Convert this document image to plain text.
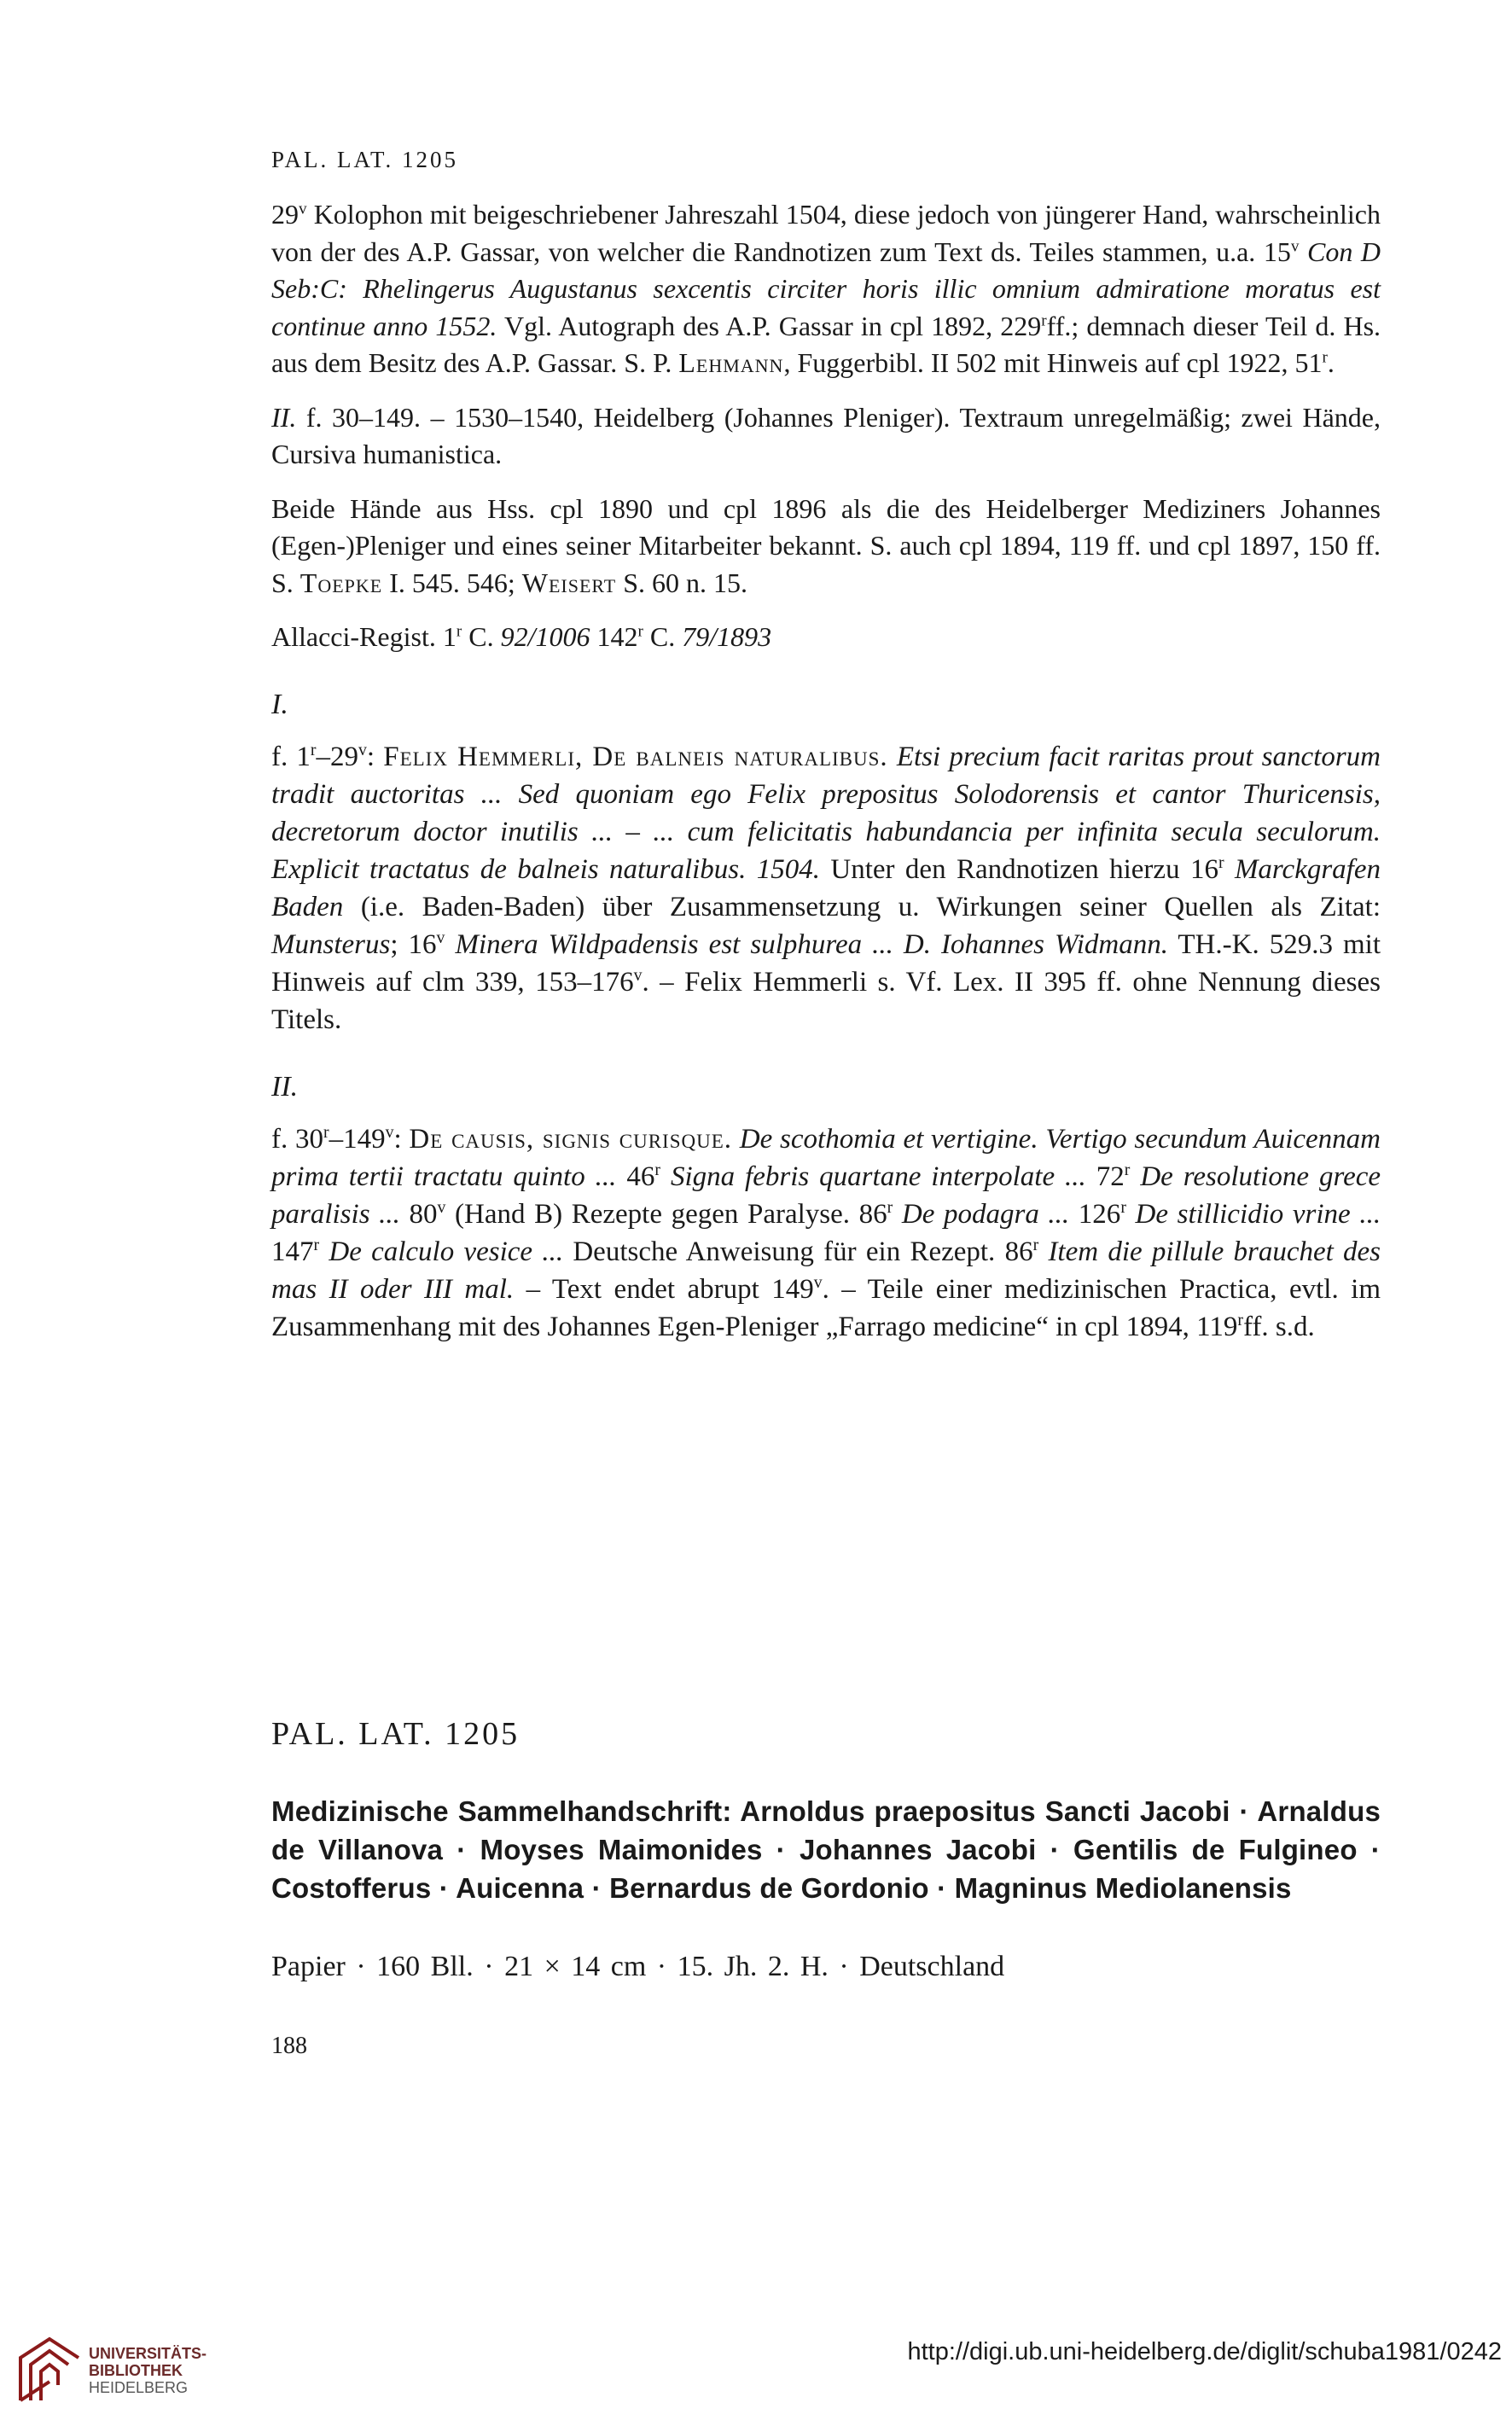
PAL. LAT. 1205

29$^v$ Kolophon mit beigeschriebener Jahreszahl 1504, diese jedoch von jüngerer Hand, wahrscheinlich von der des A.P. Gassar, von welcher die Randnotizen zum Text ds. Teiles stammen, u.a. 15$^v$ Con D Seb:C: Rhelingerus Augustanus sexcentis circiter horis illic omnium admiratione moratus est continue anno 1552. Vgl. Autograph des A.P. Gassar in cpl 1892, 229$^r$ff.; demnach dieser Teil d. Hs. aus dem Besitz des A.P. Gassar. S. P. Lehmann, Fuggerbibl. II 502 mit Hinweis auf cpl 1922, 51$^r$.

II. f. 30–149. – 1530–1540, Heidelberg (Johannes Pleniger). Textraum unregelmäßig; zwei Hände, Cursiva humanistica.

Beide Hände aus Hss. cpl 1890 und cpl 1896 als die des Heidelberger Mediziners Johannes (Egen-)Pleniger und eines seiner Mitarbeiter bekannt. S. auch cpl 1894, 119 ff. und cpl 1897, 150 ff. S. Toepke I. 545. 546; Weisert S. 60 n. 15.

Allacci-Regist. 1$^r$ C. 92/1006 142$^r$ C. 79/1893

I.

f. 1$^r$–29$^v$: Felix Hemmerli, De balneis naturalibus. Etsi precium facit raritas prout sanctorum tradit auctoritas ... Sed quoniam ego Felix prepositus Solodorensis et cantor Thuricensis, decretorum doctor inutilis ... – ... cum felicitatis habundancia per infinita secula seculorum. Explicit tractatus de balneis naturalibus. 1504. Unter den Randnotizen hierzu 16$^r$ Marckgrafen Baden (i.e. Baden-Baden) über Zusammensetzung u. Wirkungen seiner Quellen als Zitat: Munsterus; 16$^v$ Minera Wildpadensis est sulphurea ... D. Iohannes Widmann. TH.-K. 529.3 mit Hinweis auf clm 339, 153–176$^v$. – Felix Hemmerli s. Vf. Lex. II 395 ff. ohne Nennung dieses Titels.

II.

f. 30$^r$–149$^v$: De causis, signis curisque. De scothomia et vertigine. Vertigo secundum Auicennam prima tertii tractatu quinto ... 46$^r$ Signa febris quartane interpolate ... 72$^r$ De resolutione grece paralisis ... 80$^v$ (Hand B) Rezepte gegen Paralyse. 86$^r$ De podagra ... 126$^r$ De stillicidio vrine ... 147$^r$ De calculo vesice ... Deutsche Anweisung für ein Rezept. 86$^r$ Item die pillule brauchet des mas II oder III mal. – Text endet abrupt 149$^v$. – Teile einer medizinischen Practica, evtl. im Zusammenhang mit des Johannes Egen-Pleniger „Farrago medicine“ in cpl 1894, 119$^r$ff. s.d.

PAL. LAT. 1205
Medizinische Sammelhandschrift: Arnoldus praepositus Sancti Jacobi · Arnaldus de Villanova · Moyses Maimonides · Johannes Jacobi · Gentilis de Fulgineo · Costofferus · Auicenna · Bernardus de Gordonio · Magninus Mediolanensis
Papier · 160 Bll. · 21 × 14 cm · 15. Jh. 2. H. · Deutschland
188
UNIVERSITÄTS-
BIBLIOTHEK
HEIDELBERG
http://digi.ub.uni-heidelberg.de/diglit/schuba1981/0242
